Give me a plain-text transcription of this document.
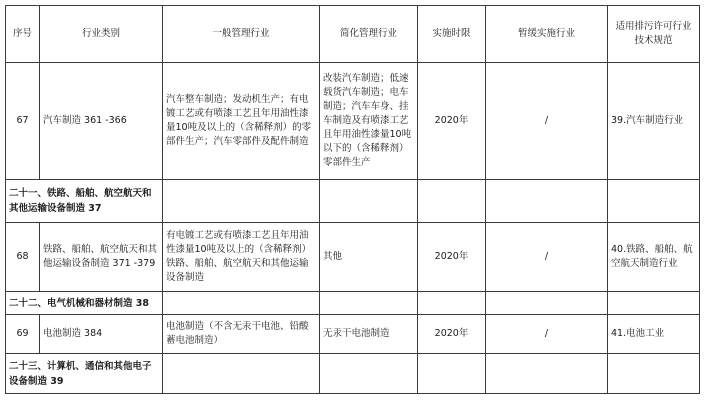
序号	行业类别	一般管理行业	简化管理行业	实施时限	暂缓实施行业	适用排污许可行业技术规范
67	汽车制造 361 -366	汽车整车制造；发动机生产；有电镀工艺或有喷漆工艺且年用油性漆量10吨及以上的（含稀释剂）的零部件生产；汽车零部件及配件制造	改装汽车制造；低速载货汽车制造；电车制造；汽车车身、挂车制造及有喷漆工艺且年用油性漆量10吨以下的（含稀释剂）零部件生产	2020年	/	39.汽车制造行业
二十一、铁路、船舶、航空航天和其他运输设备制造 37						
68	铁路、船舶、航空航天和其他运输设备制造 371 -379	有电镀工艺或有喷漆工艺且年用油性漆量10吨及以上的（含稀释剂）铁路、船舶、航空航天和其他运输设备制造	其他	2020年	/	40.铁路、船舶、航空航天制造行业
二十二、电气机械和器材制造 38						
69	电池制造 384	电池制造（不含无汞干电池、铅酸蓄电池制造）	无汞干电池制造	2020年	/	41.电池工业
二十三、计算机、通信和其他电子设备制造 39						
